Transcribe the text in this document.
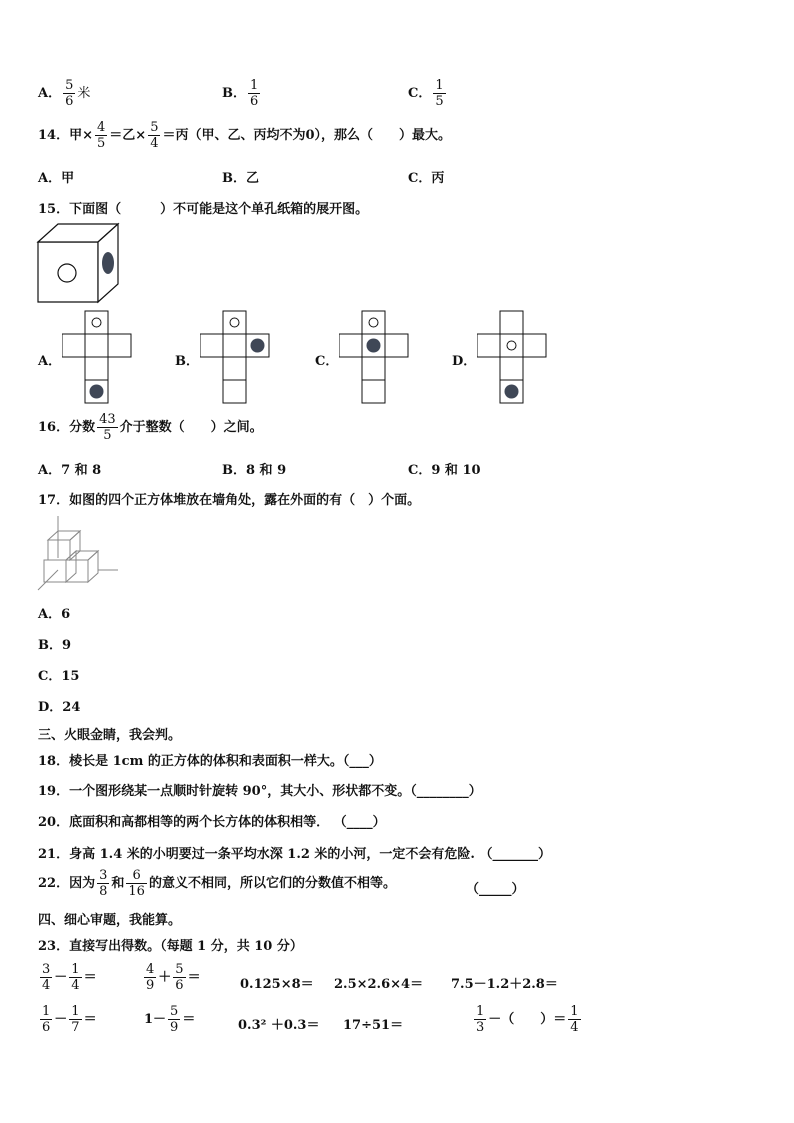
A． $\frac{5}{6}$ 米	B． $\frac{1}{6}$	C． $\frac{1}{5}$
14．甲× $\frac{4}{5}$ ＝乙× $\frac{5}{4}$ ＝丙（甲、乙、丙均不为0），那么（　　）最大。
A．甲	B．乙	C．丙
15．下面图（　　　）不可能是这个单孔纸箱的展开图。
A．	B．	C．	D．
16．分数 $\frac{43}{5}$ 介于整数（　　）之间。
A．7 和 8	B．8 和 9	C．9 和 10
17．如图的四个正方体堆放在墙角处，露在外面的有（　）个面。
A．6
B．9
C．15
D．24
三、火眼金睛，我会判。
18．棱长是 1cm 的正方体的体积和表面积一样大。（___）
19．一个图形绕某一点顺时针旋转 90°，其大小、形状都不变。（________）
20．底面积和高都相等的两个长方体的体积相等． （____）
21．身高 1.4 米的小明要过一条平均水深 1.2 米的小河，一定不会有危险. （_______）
22．因为 $\frac{3}{8}$ 和 $\frac{6}{16}$ 的意义不相同，所以它们的分数值不相等。	（_____）
四、细心审题，我能算。
23．直接写出得数。（每题 1 分，共 10 分）
$\frac{3}{4} - \frac{1}{4}$ ＝	$\frac{4}{9} + \frac{5}{6}$ ＝	0.125×8＝ 2.5×2.6×4＝ 7.5－1.2＋2.8＝
$\frac{1}{6} - \frac{1}{7}$ ＝	$1- \frac{5}{9}$ ＝	0.3² ＋0.3＝ 17÷51＝	$\frac{1}{3}$ －（　　）＝ $\frac{1}{4}$
